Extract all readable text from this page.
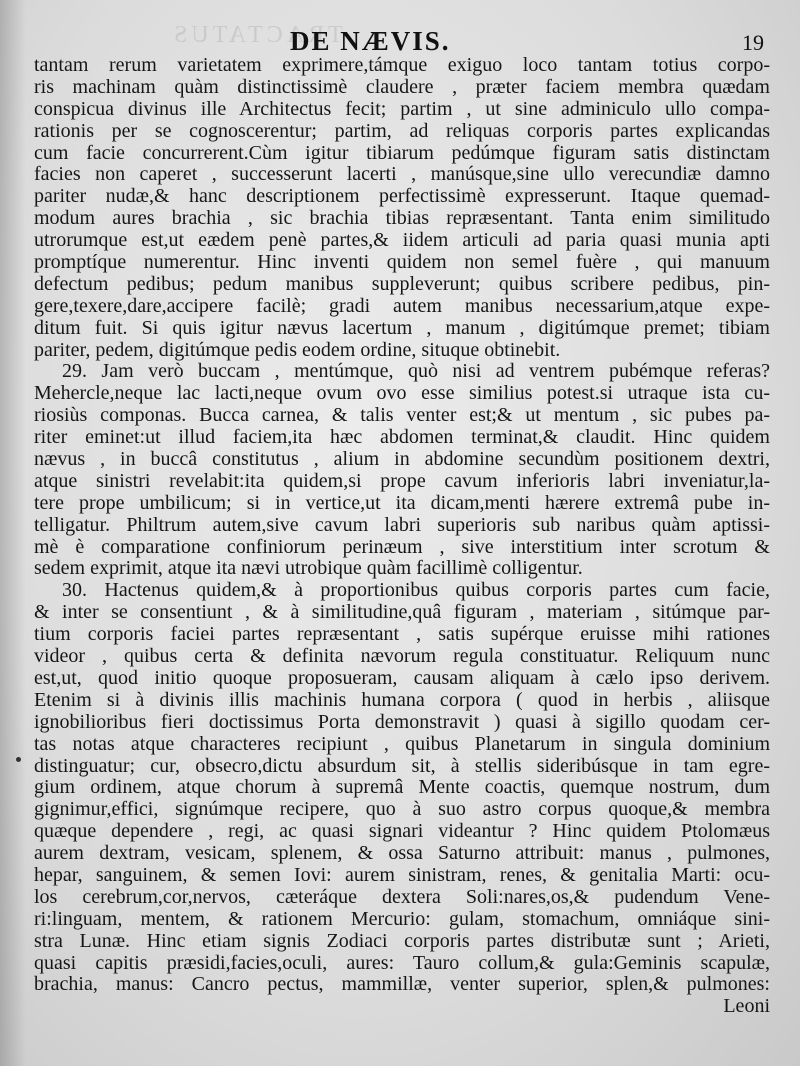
TRACTATUS
DE NÆVIS.	19
tantam rerum varietatem exprimere,támque exiguo loco tantam totius corpo-
ris machinam quàm distinctissimè claudere , præter faciem membra quædam
conspicua divinus ille Architectus fecit; partim , ut sine adminiculo ullo compa-
rationis per se cognoscerentur; partim, ad reliquas corporis partes explicandas
cum facie concurrerent.Cùm igitur tibiarum pedúmque figuram satis distinctam
facies non caperet , successerunt lacerti , manúsque,sine ullo verecundiæ damno
pariter nudæ,& hanc descriptionem perfectissimè expresserunt. Itaque quemad-
modum aures brachia , sic brachia tibias repræsentant. Tanta enim similitudo
utrorumque est,ut eædem penè partes,& iidem articuli ad paria quasi munia apti
promptíque numerentur. Hinc inventi quidem non semel fuère , qui manuum
defectum pedibus; pedum manibus suppleverunt; quibus scribere pedibus, pin-
gere,texere,dare,accipere facilè; gradi autem manibus necessarium,atque expe-
ditum fuit. Si quis igitur nævus lacertum , manum , digitúmque premet; tibiam
pariter, pedem, digitúmque pedis eodem ordine, situque obtinebit.
29. Jam verò buccam , mentúmque, quò nisi ad ventrem pubémque referas?
Mehercle,neque lac lacti,neque ovum ovo esse similius potest.si utraque ista cu-
riosiùs componas. Bucca carnea, & talis venter est;& ut mentum , sic pubes pa-
riter eminet:ut illud faciem,ita hæc abdomen terminat,& claudit. Hinc quidem
nævus , in buccâ constitutus , alium in abdomine secundùm positionem dextri,
atque sinistri revelabit:ita quidem,si prope cavum inferioris labri inveniatur,la-
tere prope umbilicum; si in vertice,ut ita dicam,menti hærere extremâ pube in-
telligatur. Philtrum autem,sive cavum labri superioris sub naribus quàm aptissi-
mè è comparatione confiniorum perinæum , sive interstitium inter scrotum &
sedem exprimit, atque ita nævi utrobique quàm facillimè colligentur.
30. Hactenus quidem,& à proportionibus quibus corporis partes cum facie,
& inter se consentiunt , & à similitudine,quâ figuram , materiam , sitúmque par-
tium corporis faciei partes repræsentant , satis supérque eruisse mihi rationes
videor , quibus certa & definita nævorum regula constituatur. Reliquum nunc
est,ut, quod initio quoque proposueram, causam aliquam à cælo ipso derivem.
Etenim si à divinis illis machinis humana corpora ( quod in herbis , aliisque
ignobilioribus fieri doctissimus Porta demonstravit ) quasi à sigillo quodam cer-
tas notas atque characteres recipiunt , quibus Planetarum in singula dominium
distinguatur; cur, obsecro,dictu absurdum sit, à stellis sideribúsque in tam egre-
gium ordinem, atque chorum à supremâ Mente coactis, quemque nostrum, dum
gignimur,effici, signúmque recipere, quo à suo astro corpus quoque,& membra
quæque dependere , regi, ac quasi signari videantur ? Hinc quidem Ptolomæus
aurem dextram, vesicam, splenem, & ossa Saturno attribuit: manus , pulmones,
hepar, sanguinem, & semen Iovi: aurem sinistram, renes, & genitalia Marti: ocu-
los cerebrum,cor,nervos, cæteráque dextera Soli:nares,os,& pudendum Vene-
ri:linguam, mentem, & rationem Mercurio: gulam, stomachum, omniáque sini-
stra Lunæ. Hinc etiam signis Zodiaci corporis partes distributæ sunt ; Arieti,
quasi capitis præsidi,facies,oculi, aures: Tauro collum,& gula:Geminis scapulæ,
brachia, manus: Cancro pectus, mammillæ, venter superior, splen,& pulmones:
Leoni
